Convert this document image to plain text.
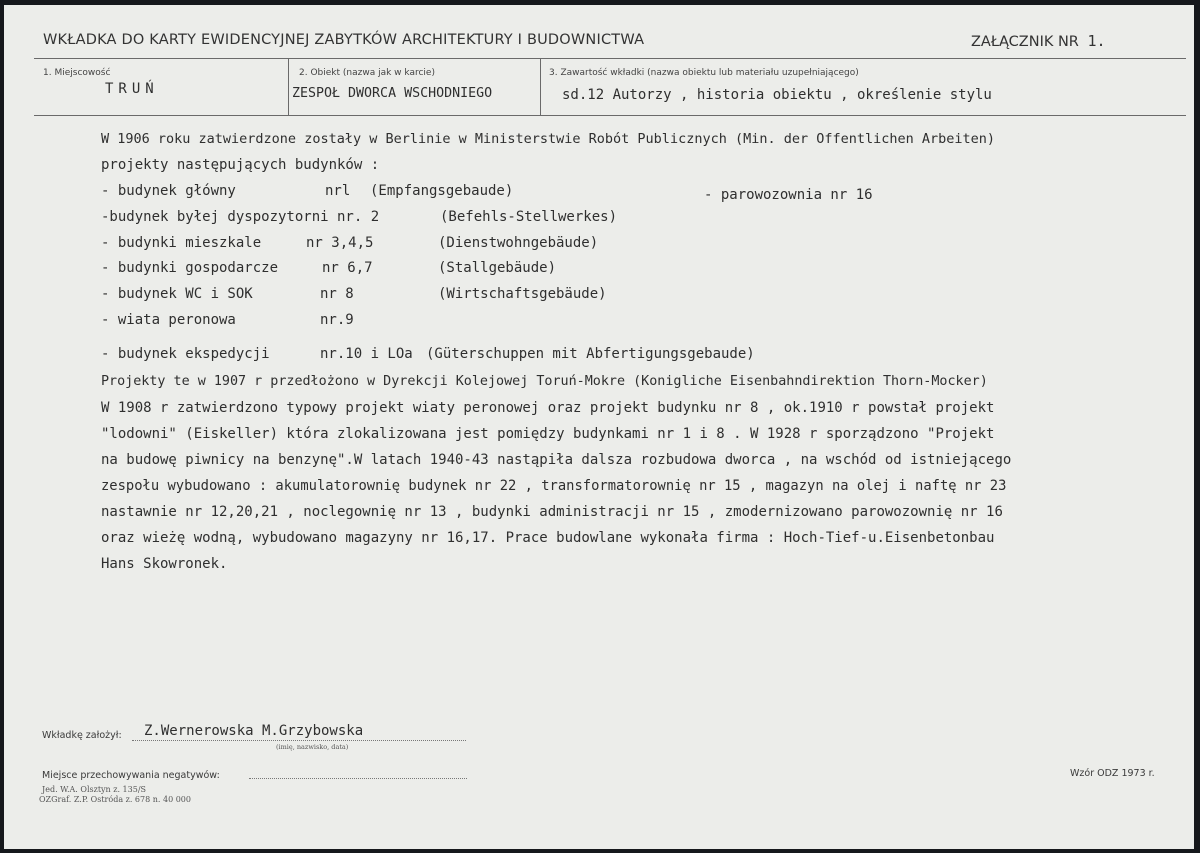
WKŁADKA DO KARTY EWIDENCYJNEJ ZABYTKÓW ARCHITEKTURY I BUDOWNICTWA	ZAŁĄCZNIK NR 1.
1. Miejscowość
TRUŃ
2. Obiekt (nazwa jak w karcie)
ZESPOŁ DWORCA WSCHODNIEGO
3. Zawartość wkładki (nazwa obiektu lub materiału uzupełniającego)
sd.12 Autorzy , historia obiektu , określenie stylu
W 1906 roku zatwierdzone zostały w Berlinie w Ministerstwie Robót Publicznych (Min. der Offentlichen Arbeiten)
projekty następujących budynków :
- budynek główny	nrl (Empfangsgebaude)	- parowozownia nr 16
-budynek byłej dyspozytorni nr. 2	(Befehls-Stellwerkes)
- budynki mieszkale	nr 3,4,5	(Dienstwohngebäude)
- budynki gospodarcze	nr 6,7	(Stallgebäude)
- budynek WC i SOK	nr 8	(Wirtschaftsgebäude)
- wiata peronowa	nr.9
- budynek ekspedycji	nr.10 i LOa (Güterschuppen mit Abfertigungsgebaude)
Projekty te w 1907 r przedłożono w Dyrekcji Kolejowej Toruń-Mokre (Konigliche Eisenbahndirektion Thorn-Mocker)
W 1908 r zatwierdzono typowy projekt wiaty peronowej oraz projekt budynku nr 8 , ok.1910 r powstał projekt
"lodowni" (Eiskeller) która zlokalizowana jest pomiędzy budynkami nr 1 i 8 . W 1928 r sporządzono "Projekt
na budowę piwnicy na benzynę".W latach 1940-43 nastąpiła dalsza rozbudowa dworca , na wschód od istniejącego
zespołu wybudowano : akumulatorownię budynek nr 22 , transformatorownię nr 15 , magazyn na olej i naftę nr 23
nastawnie nr 12,20,21 , noclegownię nr 13 , budynki administracji nr 15 , zmodernizowano parowozownię nr 16
oraz wieżę wodną, wybudowano magazyny nr 16,17. Prace budowlane wykonała firma : Hoch-Tief-u.Eisenbetonbau
Hans Skowronek.
Wkładkę założył: Z.Wernerowska M.Grzybowska
(imię, nazwisko, data)
Miejsce przechowywania negatywów:
Jed. W.A. Olsztyn z. 135/S
OZGraf. Z.P. Ostróda z. 678 n. 40 000
Wzór ODZ 1973 r.
